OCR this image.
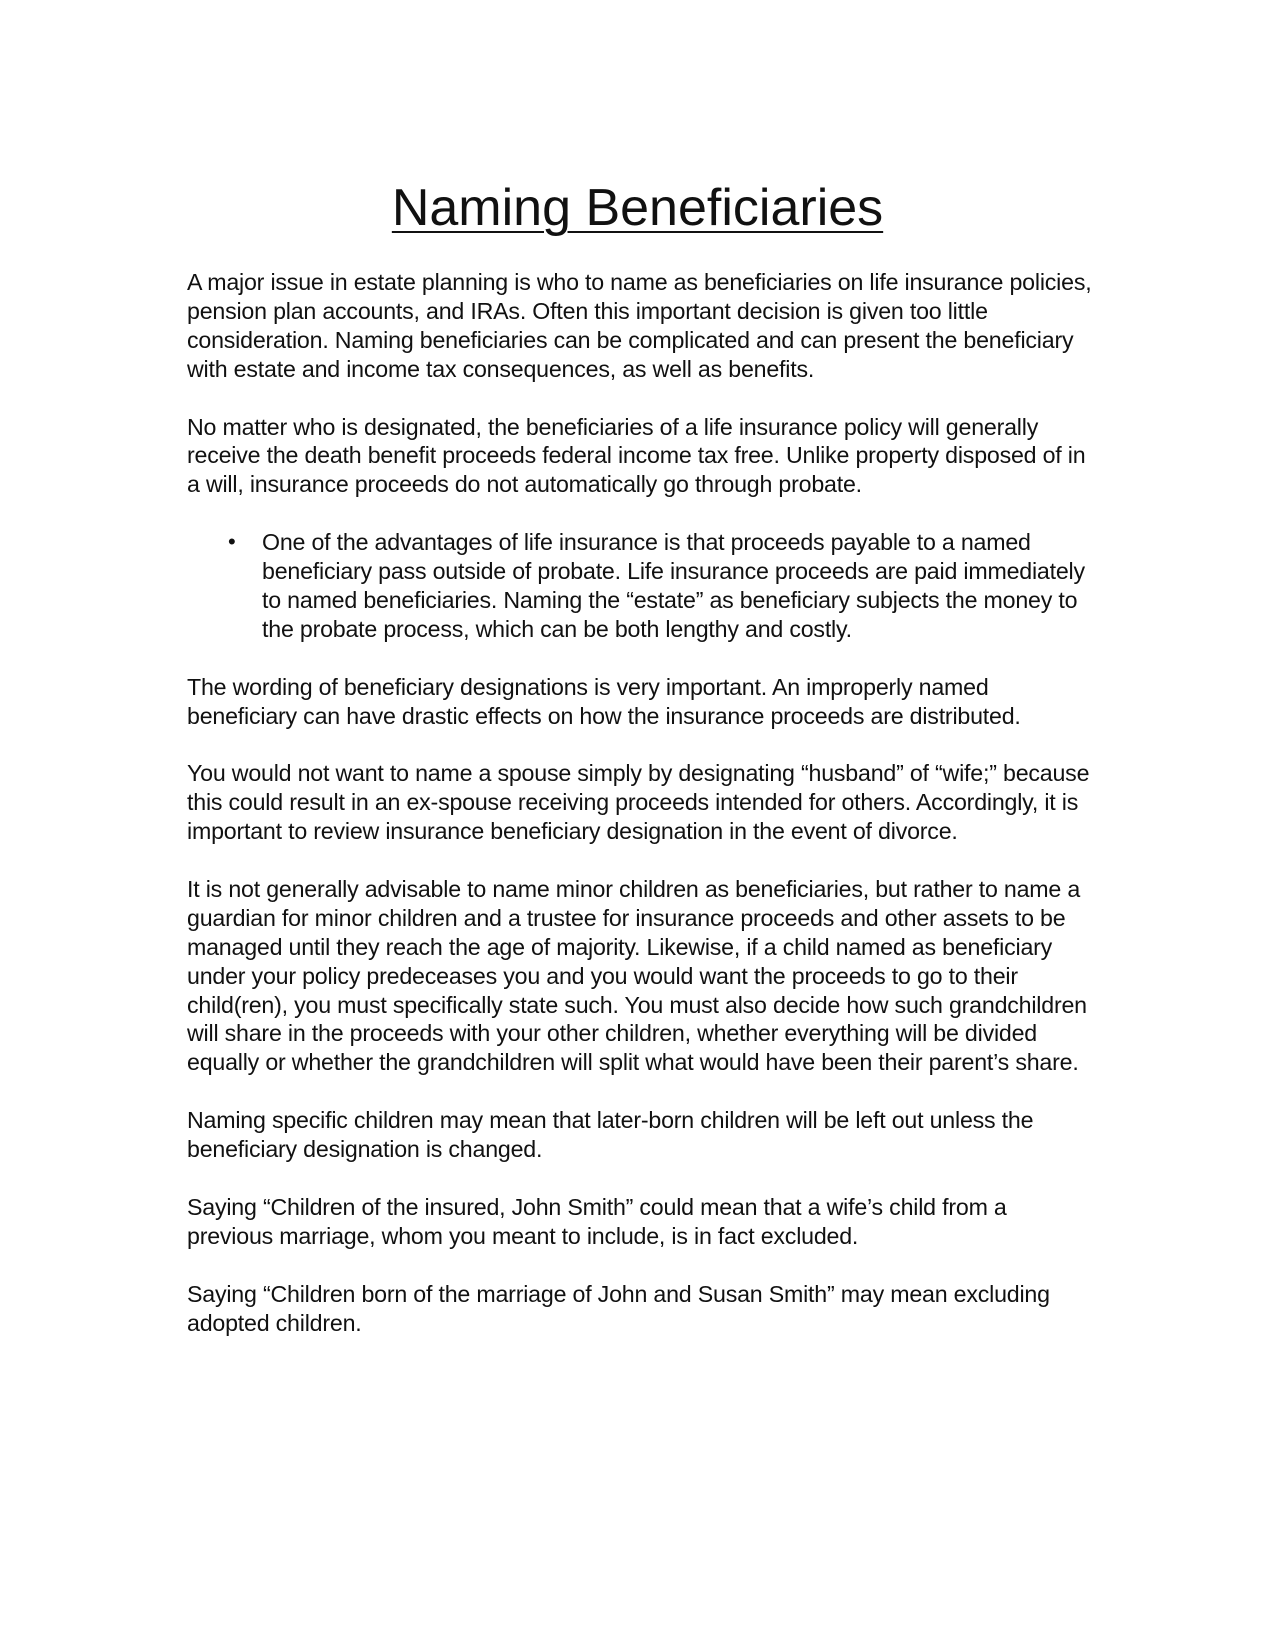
Naming Beneficiaries

A major issue in estate planning is who to name as beneficiaries on life insurance policies, pension plan accounts, and IRAs. Often this important decision is given too little consideration. Naming beneficiaries can be complicated and can present the beneficiary with estate and income tax consequences, as well as benefits.

No matter who is designated, the beneficiaries of a life insurance policy will generally receive the death benefit proceeds federal income tax free. Unlike property disposed of in a will, insurance proceeds do not automatically go through probate.

• One of the advantages of life insurance is that proceeds payable to a named beneficiary pass outside of probate. Life insurance proceeds are paid immediately to named beneficiaries. Naming the “estate” as beneficiary subjects the money to the probate process, which can be both lengthy and costly.

The wording of beneficiary designations is very important. An improperly named beneficiary can have drastic effects on how the insurance proceeds are distributed.

You would not want to name a spouse simply by designating “husband” of “wife;” because this could result in an ex-spouse receiving proceeds intended for others. Accordingly, it is important to review insurance beneficiary designation in the event of divorce.

It is not generally advisable to name minor children as beneficiaries, but rather to name a guardian for minor children and a trustee for insurance proceeds and other assets to be managed until they reach the age of majority. Likewise, if a child named as beneficiary under your policy predeceases you and you would want the proceeds to go to their child(ren), you must specifically state such. You must also decide how such grandchildren will share in the proceeds with your other children, whether everything will be divided equally or whether the grandchildren will split what would have been their parent’s share.

Naming specific children may mean that later-born children will be left out unless the beneficiary designation is changed.

Saying “Children of the insured, John Smith” could mean that a wife’s child from a previous marriage, whom you meant to include, is in fact excluded.

Saying “Children born of the marriage of John and Susan Smith” may mean excluding adopted children.
